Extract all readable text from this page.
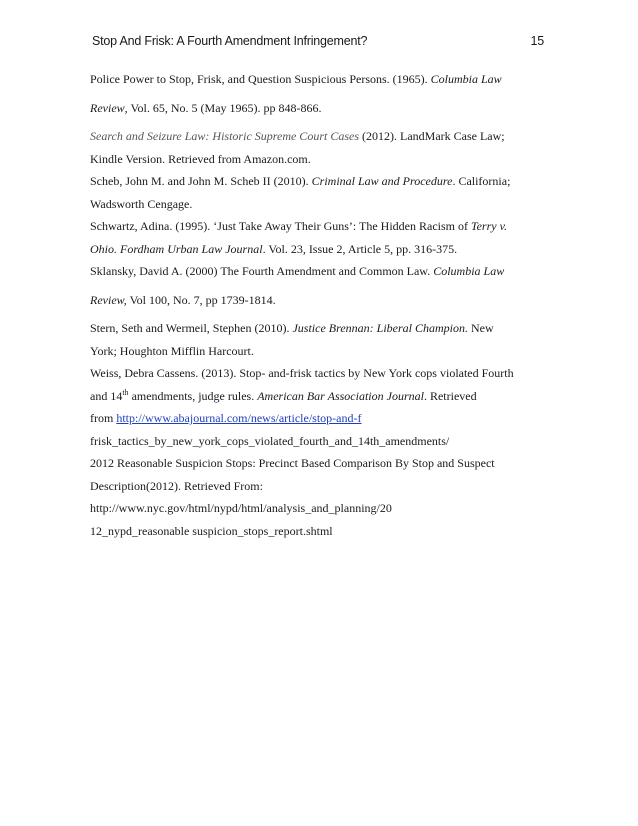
Stop And Frisk: A Fourth Amendment Infringement?	15
Police Power to Stop, Frisk, and Question Suspicious Persons. (1965). Columbia Law
Review, Vol. 65, No. 5 (May 1965). pp 848-866.
Search and Seizure Law: Historic Supreme Court Cases (2012). LandMark Case Law;
Kindle Version. Retrieved from Amazon.com.
Scheb, John M. and John M. Scheb II (2010). Criminal Law and Procedure. California;
Wadsworth Cengage.
Schwartz, Adina. (1995). ‘Just Take Away Their Guns’: The Hidden Racism of Terry v.
Ohio. Fordham Urban Law Journal. Vol. 23, Issue 2, Article 5, pp. 316-375.
Sklansky, David A. (2000) The Fourth Amendment and Common Law. Columbia Law
Review, Vol 100, No. 7, pp 1739-1814.
Stern, Seth and Wermeil, Stephen (2010). Justice Brennan: Liberal Champion. New
York; Houghton Mifflin Harcourt.
Weiss, Debra Cassens. (2013). Stop- and-frisk tactics by New York cops violated Fourth
and 14th amendments, judge rules. American Bar Association Journal. Retrieved
from http://www.abajournal.com/news/article/stop-and-f
frisk_tactics_by_new_york_cops_violated_fourth_and_14th_amendments/
2012 Reasonable Suspicion Stops: Precinct Based Comparison By Stop and Suspect
Description(2012). Retrieved From:
http://www.nyc.gov/html/nypd/html/analysis_and_planning/20
12_nypd_reasonable suspicion_stops_report.shtml
